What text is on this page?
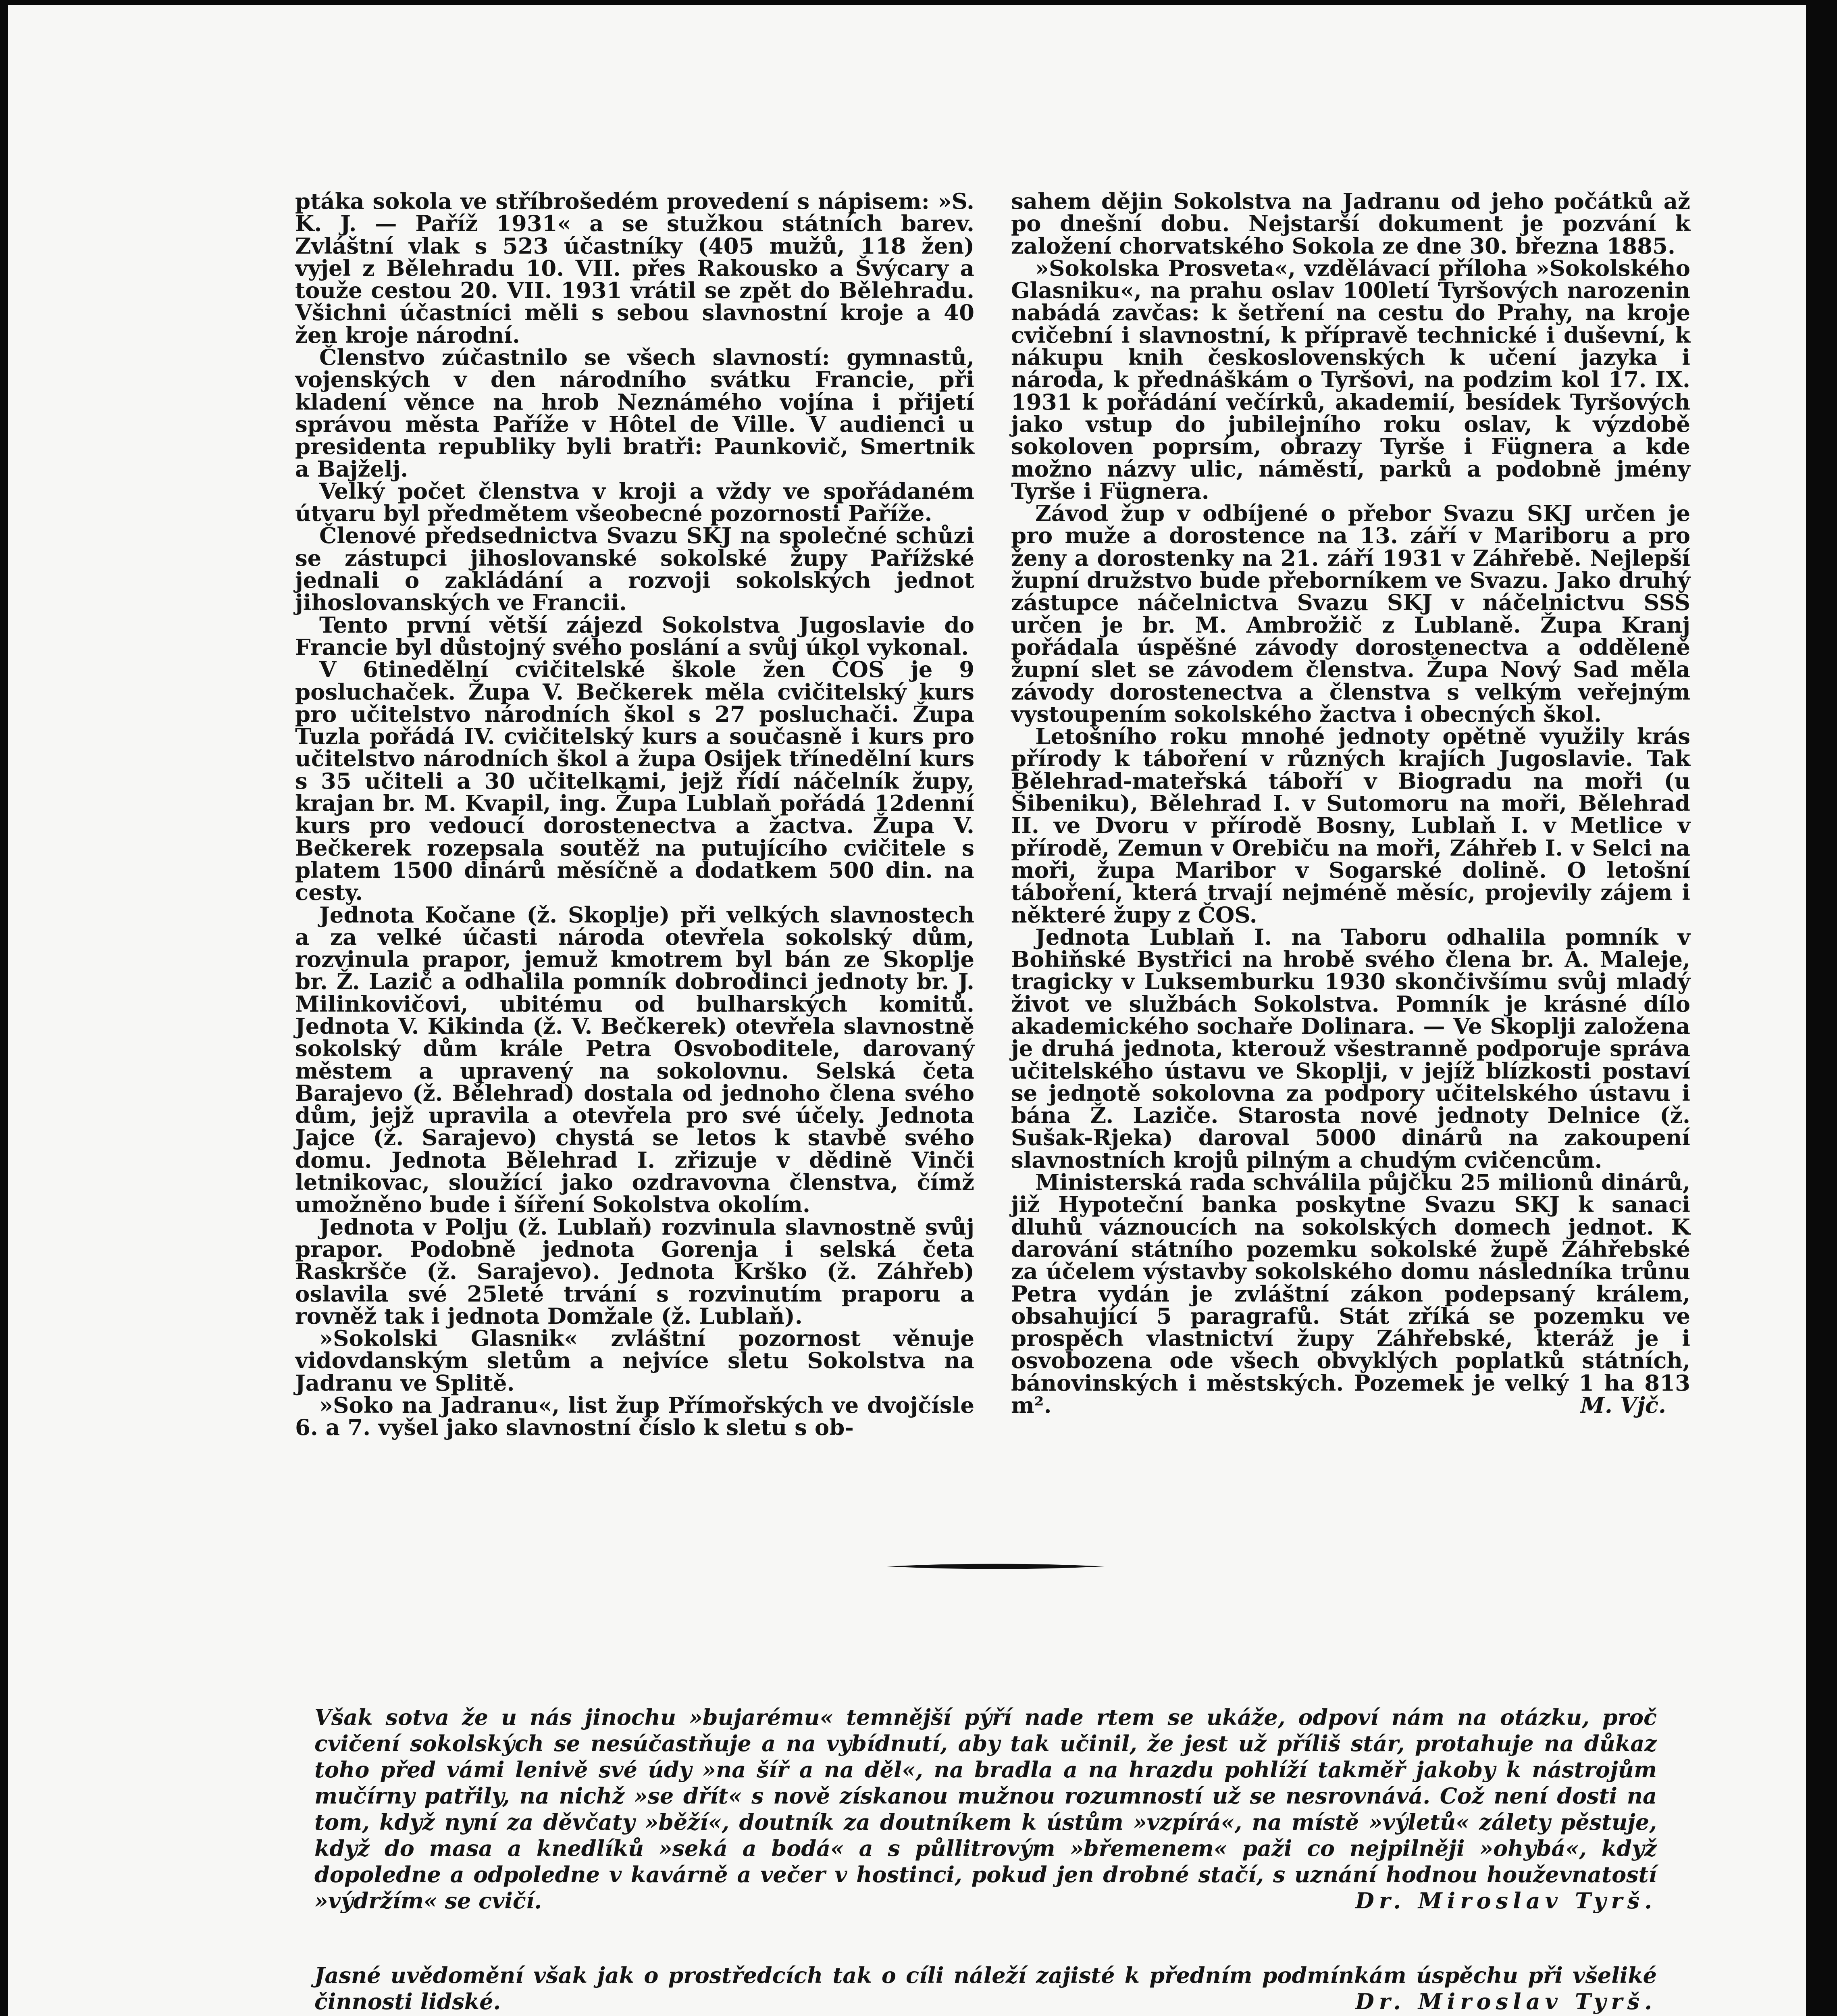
ptáka sokola ve stříbrošedém provedení s nápisem: »S. K. J. — Paříž 1931« a se stužkou státních barev. Zvláštní vlak s 523 účastníky (405 mužů, 118 žen) vyjel z Bělehradu 10. VII. přes Rakousko a Švýcary a touže cestou 20. VII. 1931 vrátil se zpět do Bělehradu. Všichni účastníci měli s sebou slavnostní kroje a 40 žen kroje národní.

Členstvo zúčastnilo se všech slavností: gymnastů, vojenských v den národního svátku Francie, při kladení věnce na hrob Neznámého vojína i přijetí správou města Paříže v Hôtel de Ville. V audienci u presidenta republiky byli bratři: Paunkovič, Smertnik a Bajželj.

Velký počet členstva v kroji a vždy ve spořádaném útvaru byl předmětem všeobecné pozornosti Paříže.

Členové předsednictva Svazu SKJ na společné schůzi se zástupci jihoslovanské sokolské župy Pařížské jednali o zakládání a rozvoji sokolských jednot jihoslovanských ve Francii.

Tento první větší zájezd Sokolstva Jugoslavie do Francie byl důstojný svého poslání a svůj úkol vykonal.

V 6tinedělní cvičitelské škole žen ČOS je 9 posluchaček. Župa V. Bečkerek měla cvičitelský kurs pro učitelstvo národních škol s 27 posluchači. Župa Tuzla pořádá IV. cvičitelský kurs a současně i kurs pro učitelstvo národních škol a župa Osijek třínedělní kurs s 35 učiteli a 30 učitelkami, jejž řídí náčelník župy, krajan br. M. Kvapil, ing. Župa Lublaň pořádá 12denní kurs pro vedoucí dorostenectva a žactva. Župa V. Bečkerek rozepsala soutěž na putujícího cvičitele s platem 1500 dinárů měsíčně a dodatkem 500 din. na cesty.

Jednota Kočane (ž. Skoplje) při velkých slavnostech a za velké účasti národa otevřela sokolský dům, rozvinula prapor, jemuž kmotrem byl bán ze Skoplje br. Ž. Lazič a odhalila pomník dobrodinci jednoty br. J. Milinkovičovi, ubitému od bulharských komitů. Jednota V. Kikinda (ž. V. Bečkerek) otevřela slavnostně sokolský dům krále Petra Osvoboditele, darovaný městem a upravený na sokolovnu. Selská četa Barajevo (ž. Bělehrad) dostala od jednoho člena svého dům, jejž upravila a otevřela pro své účely. Jednota Jajce (ž. Sarajevo) chystá se letos k stavbě svého domu. Jednota Bělehrad I. zřizuje v dědině Vinči letnikovac, sloužící jako ozdravovna členstva, čímž umožněno bude i šíření Sokolstva okolím.

Jednota v Polju (ž. Lublaň) rozvinula slavnostně svůj prapor. Podobně jednota Gorenja i selská četa Raskršče (ž. Sarajevo). Jednota Krško (ž. Záhřeb) oslavila své 25leté trvání s rozvinutím praporu a rovněž tak i jednota Domžale (ž. Lublaň).

»Sokolski Glasnik« zvláštní pozornost věnuje vidovdanským sletům a nejvíce sletu Sokolstva na Jadranu ve Splitě.

»Soko na Jadranu«, list žup Přímořských ve dvojčísle 6. a 7. vyšel jako slavnostní číslo k sletu s ob-

sahem dějin Sokolstva na Jadranu od jeho počátků až po dnešní dobu. Nejstarší dokument je pozvání k založení chorvatského Sokola ze dne 30. března 1885.

»Sokolska Prosveta«, vzdělávací příloha »Sokolského Glasniku«, na prahu oslav 100letí Tyršových narozenin nabádá zavčas: k šetření na cestu do Prahy, na kroje cvičební i slavnostní, k přípravě technické i duševní, k nákupu knih československých k učení jazyka i národa, k přednáškám o Tyršovi, na podzim kol 17. IX. 1931 k pořádání večírků, akademií, besídek Tyršových jako vstup do jubilejního roku oslav, k výzdobě sokoloven poprsím, obrazy Tyrše i Fügnera a kde možno názvy ulic, náměstí, parků a podobně jmény Tyrše i Fügnera.

Závod žup v odbíjené o přebor Svazu SKJ určen je pro muže a dorostence na 13. září v Mariboru a pro ženy a dorostenky na 21. září 1931 v Záhřebě. Nejlepší župní družstvo bude přeborníkem ve Svazu. Jako druhý zástupce náčelnictva Svazu SKJ v náčelnictvu SSS určen je br. M. Ambrožič z Lublaně. Župa Kranj pořádala úspěšné závody dorostenectva a odděleně župní slet se závodem členstva. Župa Nový Sad měla závody dorostenectva a členstva s velkým veřejným vystoupením sokolského žactva i obecných škol.

Letošního roku mnohé jednoty opětně využily krás přírody k táboření v různých krajích Jugoslavie. Tak Bělehrad-mateřská táboří v Biogradu na moři (u Šibeniku), Bělehrad I. v Sutomoru na moři, Bělehrad II. ve Dvoru v přírodě Bosny, Lublaň I. v Metlice v přírodě, Zemun v Orebiču na moři, Záhřeb I. v Selci na moři, župa Maribor v Sogarské dolině. O letošní táboření, která trvají nejméně měsíc, projevily zájem i některé župy z ČOS.

Jednota Lublaň I. na Taboru odhalila pomník v Bohiňské Bystřici na hrobě svého člena br. A. Maleje, tragicky v Luksemburku 1930 skončivšímu svůj mladý život ve službách Sokolstva. Pomník je krásné dílo akademického sochaře Dolinara. — Ve Skoplji založena je druhá jednota, kterouž všestranně podporuje správa učitelského ústavu ve Skoplji, v jejíž blízkosti postaví se jednotě sokolovna za podpory učitelského ústavu i bána Ž. Laziče. Starosta nové jednoty Delnice (ž. Sušak-Rjeka) daroval 5000 dinárů na zakoupení slavnostních krojů pilným a chudým cvičencům.

Ministerská rada schválila půjčku 25 milionů dinárů, již Hypoteční banka poskytne Svazu SKJ k sanaci dluhů váznoucích na sokolských domech jednot. K darování státního pozemku sokolské župě Záhřebské za účelem výstavby sokolského domu následníka trůnu Petra vydán je zvláštní zákon podepsaný králem, obsahující 5 paragrafů. Stát zříká se pozemku ve prospěch vlastnictví župy Záhřebské, kteráž je i osvobozena ode všech obvyklých poplatků státních, bánovinských i městských. Pozemek je velký 1 ha 813 m².	M. Vjč.

Však sotva že u nás jinochu »bujarému« temnější pýří nade rtem se ukáže, odpoví nám na otázku, proč cvičení sokolských se nesúčastňuje a na vybídnutí, aby tak učinil, že jest už příliš stár, protahuje na důkaz toho před vámi lenivě své údy »na šíř a na děl«, na bradla a na hrazdu pohlíží takměř jakoby k nástrojům mučírny patřily, na nichž »se dřít« s nově získanou mužnou rozumností už se nesrovnává. Což není dosti na tom, když nyní za děvčaty »běží«, doutník za doutníkem k ústům »vzpírá«, na místě »výletů« zálety pěstuje, když do masa a knedlíků »seká a bodá« a s půllitrovým »břemenem« paži co nejpilněji »ohybá«, když dopoledne a odpoledne v kavárně a večer v hostinci, pokud jen drobné stačí, s uznání hodnou houževnatostí »výdržím« se cvičí.	Dr. Miroslav Tyrš.
Jasné uvědomění však jak o prostředcích tak o cíli náleží zajisté k předním podmínkám úspěchu při všeliké činnosti lidské.	Dr. Miroslav Tyrš.
